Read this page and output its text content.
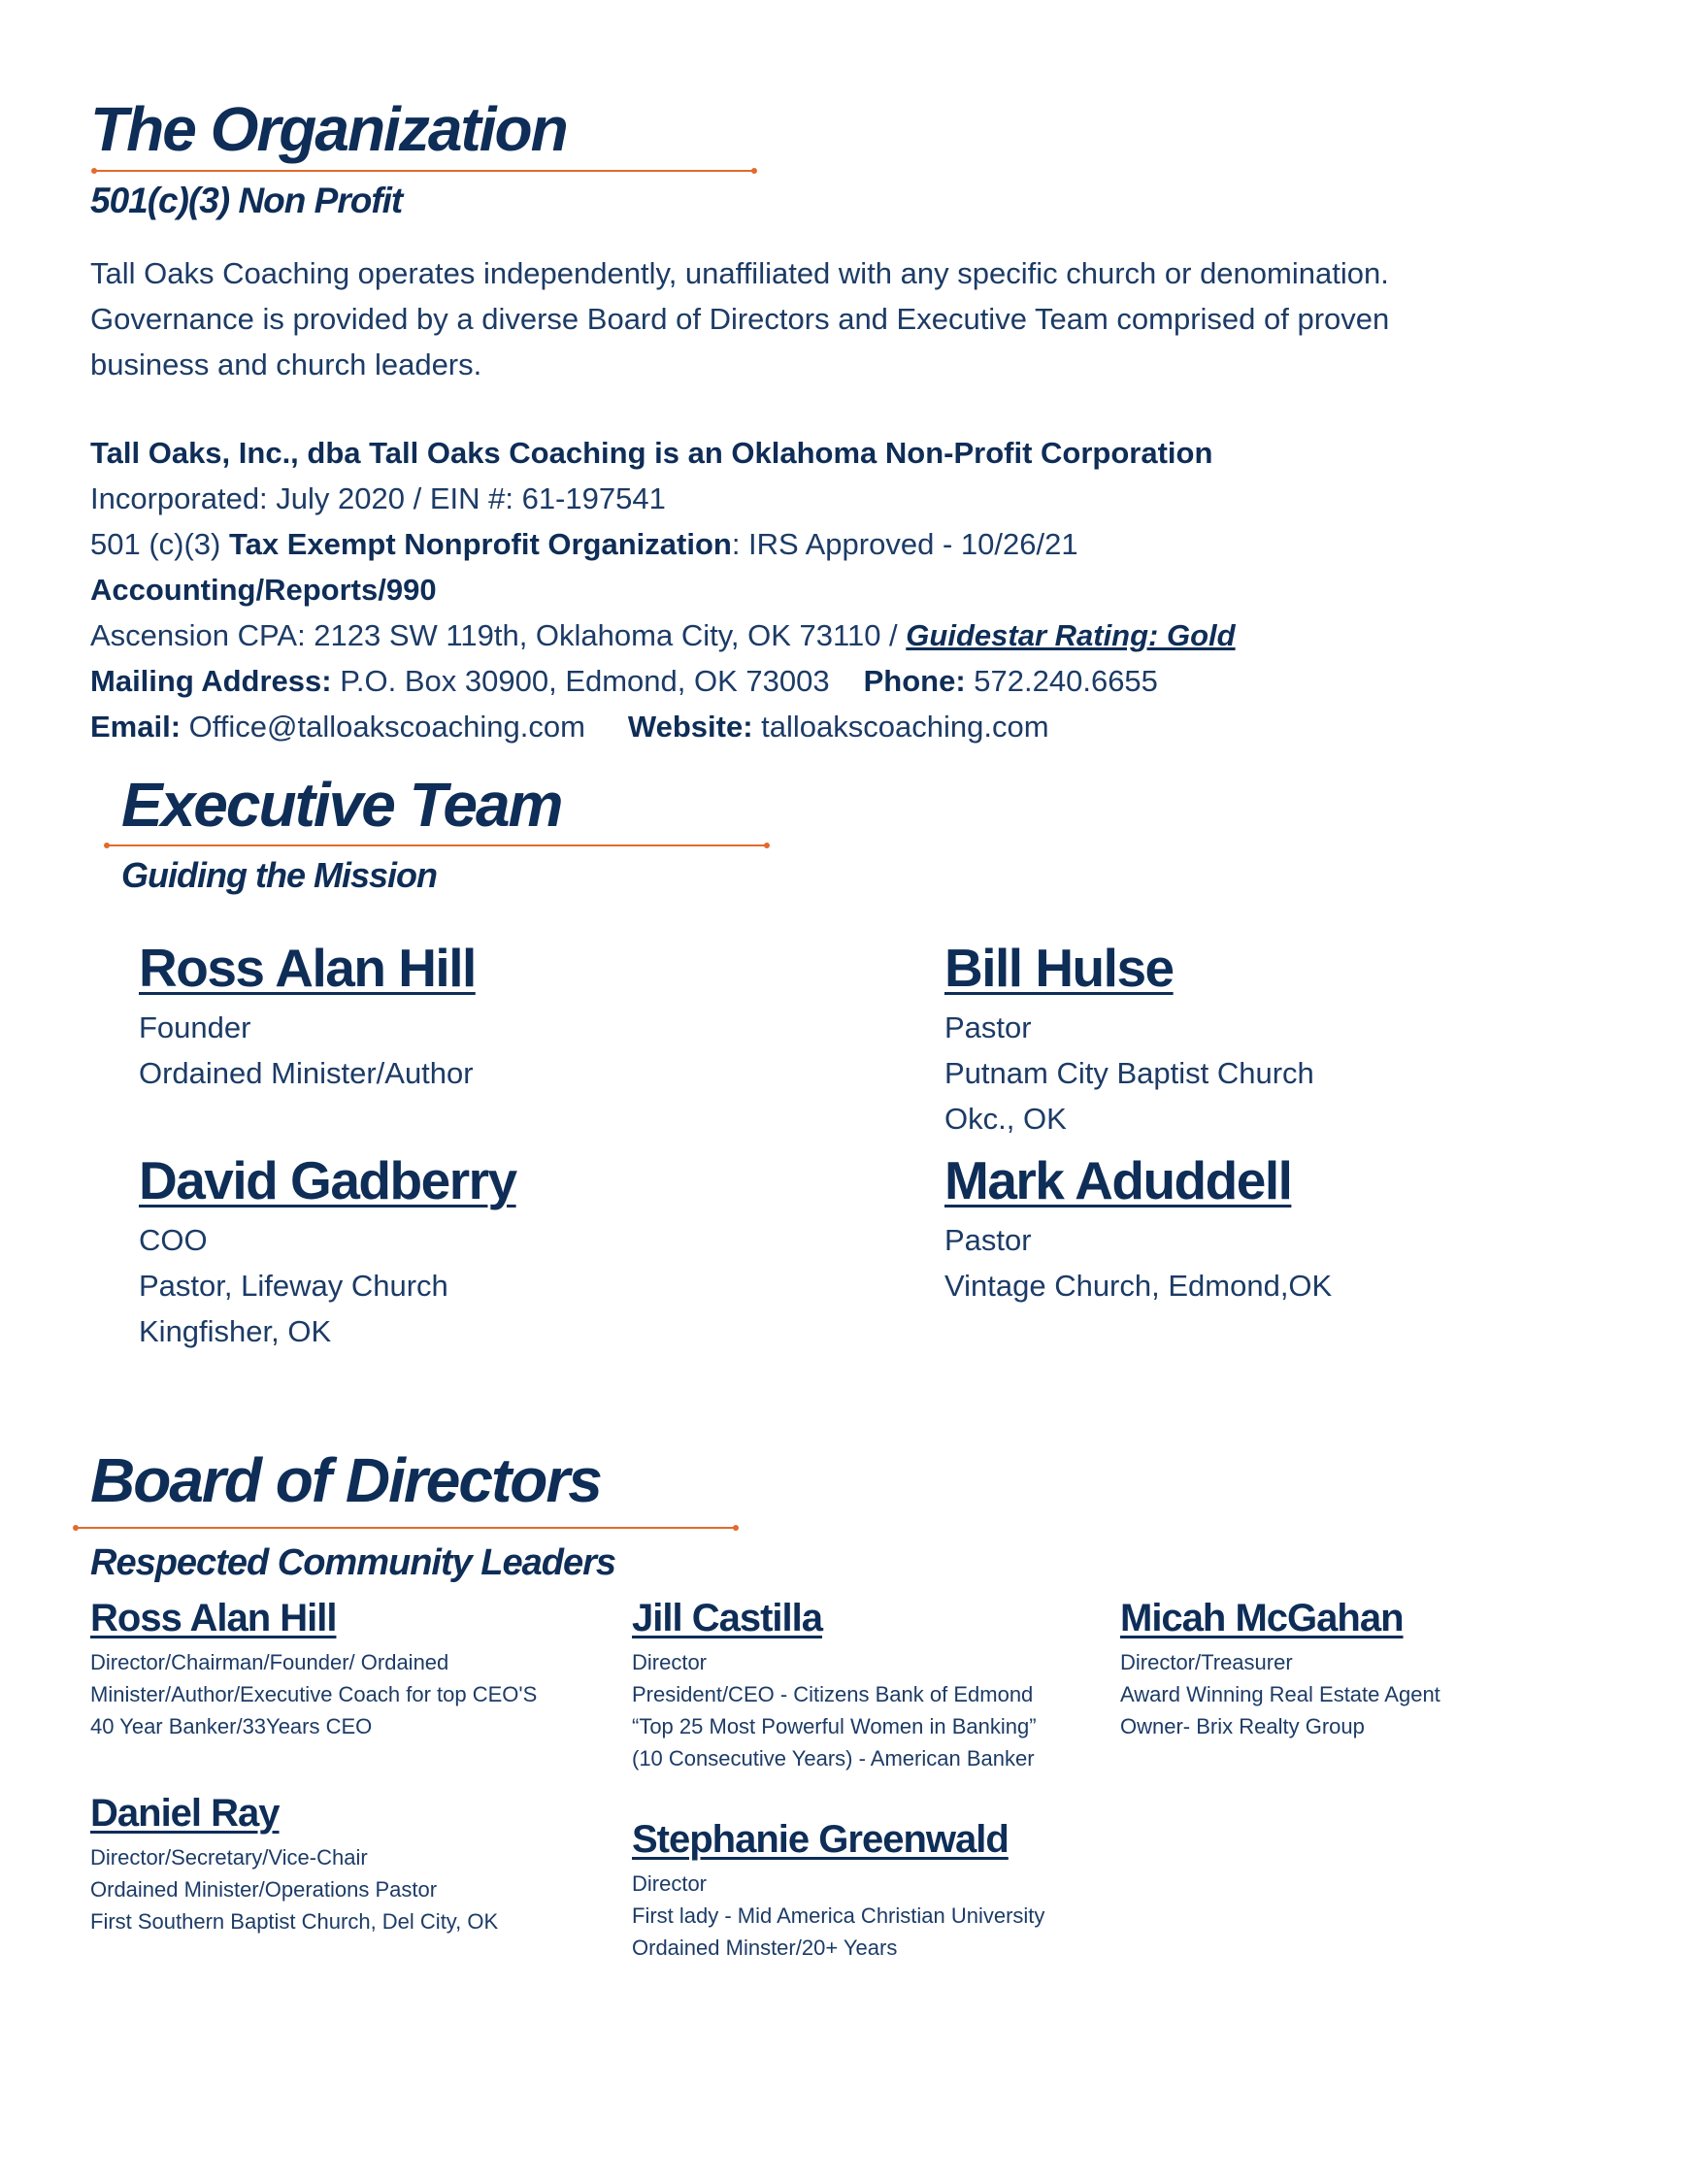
The Organization
501(c)(3) Non Profit
Tall Oaks Coaching operates independently, unaffiliated with any specific church or denomination.
Governance is provided by a diverse Board of Directors and Executive Team comprised of proven
business and church leaders.
Tall Oaks, Inc., dba Tall Oaks Coaching is an Oklahoma Non-Profit Corporation
Incorporated: July 2020 / EIN #: 61-197541
501 (c)(3) Tax Exempt Nonprofit Organization: IRS Approved - 10/26/21
Accounting/Reports/990
Ascension CPA: 2123 SW 119th, Oklahoma City, OK 73110 / Guidestar Rating: Gold
Mailing Address: P.O. Box 30900, Edmond, OK 73003 Phone: 572.240.6655
Email: Office@talloakscoaching.com Website: talloakscoaching.com
Executive Team
Guiding the Mission
Ross Alan Hill
Founder
Ordained Minister/Author
Bill Hulse
Pastor
Putnam City Baptist Church
Okc., OK
David Gadberry
COO
Pastor, Lifeway Church
Kingfisher, OK
Mark Aduddell
Pastor
Vintage Church, Edmond,OK
Board of Directors
Respected Community Leaders
Ross Alan Hill
Director/Chairman/Founder/ Ordained
Minister/Author/Executive Coach for top CEO'S
40 Year Banker/33Years CEO
Jill Castilla
Director
President/CEO - Citizens Bank of Edmond
“Top 25 Most Powerful Women in Banking”
(10 Consecutive Years) - American Banker
Micah McGahan
Director/Treasurer
Award Winning Real Estate Agent
Owner- Brix Realty Group
Daniel Ray
Director/Secretary/Vice-Chair
Ordained Minister/Operations Pastor
First Southern Baptist Church, Del City, OK
Stephanie Greenwald
Director
First lady - Mid America Christian University
Ordained Minster/20+ Years
